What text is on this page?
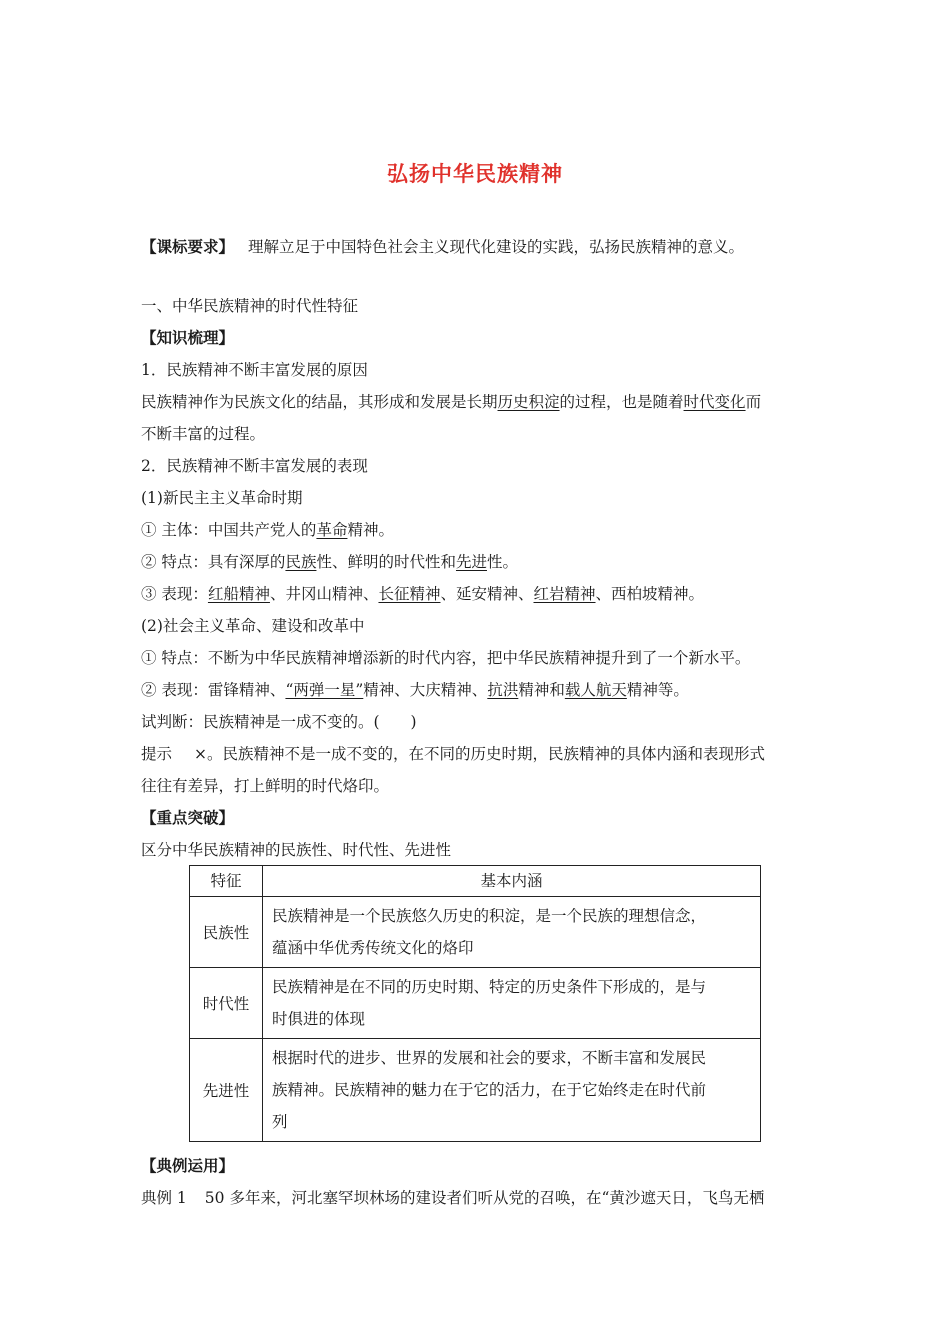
弘扬中华民族精神
【课标要求】 理解立足于中国特色社会主义现代化建设的实践，弘扬民族精神的意义。
一、中华民族精神的时代性特征
【知识梳理】
1．民族精神不断丰富发展的原因
民族精神作为民族文化的结晶，其形成和发展是长期历史积淀的过程，也是随着时代变化而
不断丰富的过程。
2．民族精神不断丰富发展的表现
(1)新民主主义革命时期
① 主体：中国共产党人的革命精神。
② 特点：具有深厚的民族性、鲜明的时代性和先进性。
③ 表现：红船精神、井冈山精神、长征精神、延安精神、红岩精神、西柏坡精神。
(2)社会主义革命、建设和改革中
① 特点：不断为中华民族精神增添新的时代内容，把中华民族精神提升到了一个新水平。
② 表现：雷锋精神、“两弹一星”精神、大庆精神、抗洪精神和载人航天精神等。
试判断：民族精神是一成不变的。(　　)
提示 ×。民族精神不是一成不变的，在不同的历史时期，民族精神的具体内涵和表现形式
往往有差异，打上鲜明的时代烙印。
【重点突破】
区分中华民族精神的民族性、时代性、先进性
特征	基本内涵
民族性	民族精神是一个民族悠久历史的积淀，是一个民族的理想信念，
蕴涵中华优秀传统文化的烙印

时代性	民族精神是在不同的历史时期、特定的历史条件下形成的，是与
时俱进的体现

先进性	根据时代的进步、世界的发展和社会的要求，不断丰富和发展民
族精神。民族精神的魅力在于它的活力，在于它始终走在时代前
列
【典例运用】
典例 1 50 多年来，河北塞罕坝林场的建设者们听从党的召唤，在“黄沙遮天日，飞鸟无栖
